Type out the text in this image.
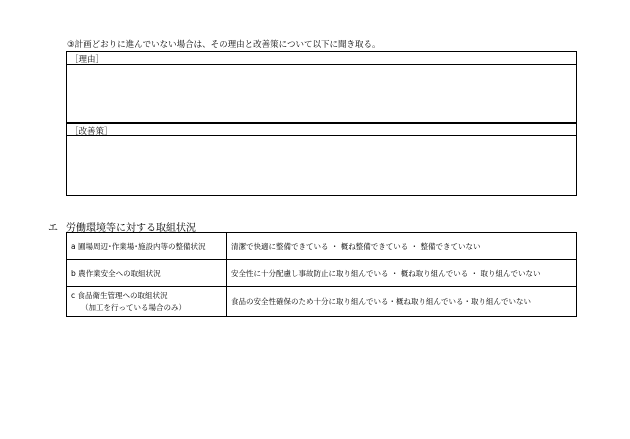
③計画どおりに進んでいない場合は、その理由と改善策について以下に聞き取る。
［理由］
［改善策］
エ 労働環境等に対する取組状況
a 圃場周辺･作業場･施設内等の整備状況	清潔で快適に整備できている ・ 概ね整備できている ・ 整備できていない
b 農作業安全への取組状況	安全性に十分配慮し事故防止に取り組んでいる ・ 概ね取り組んでいる ・ 取り組んでいない
c 食品衛生管理への取組状況
（加工を行っている場合のみ）	食品の安全性確保のため十分に取り組んでいる・概ね取り組んでいる・取り組んでいない
